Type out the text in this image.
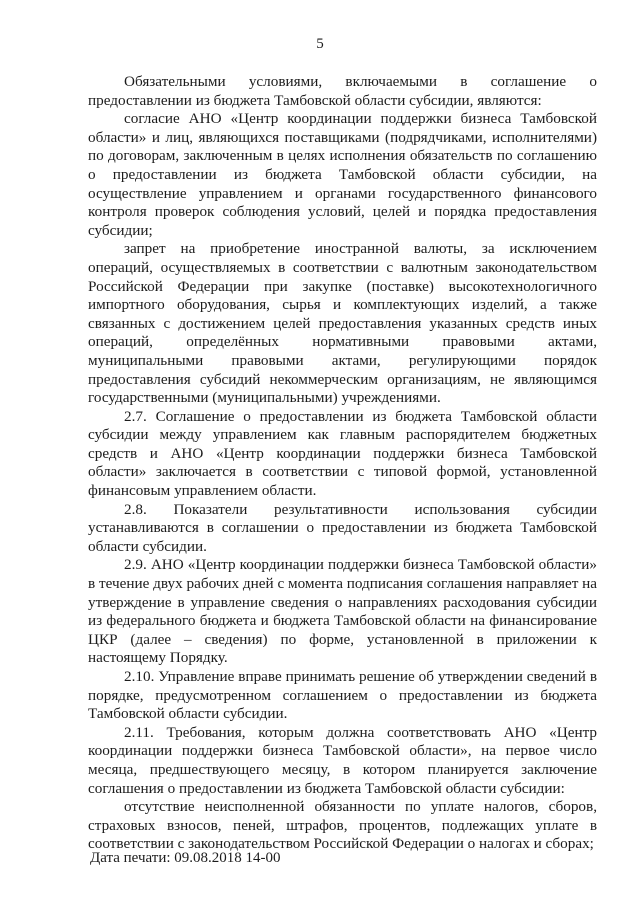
5

Обязательными условиями, включаемыми в соглашение о предоставлении из бюджета Тамбовской области субсидии, являются:

согласие АНО «Центр координации поддержки бизнеса Тамбовской области» и лиц, являющихся поставщиками (подрядчиками, исполнителями) по договорам, заключенным в целях исполнения обязательств по соглашению о предоставлении из бюджета Тамбовской области субсидии, на осуществление управлением и органами государственного финансового контроля проверок соблюдения условий, целей и порядка предоставления субсидии;

запрет на приобретение иностранной валюты, за исключением операций, осуществляемых в соответствии с валютным законодательством Российской Федерации при закупке (поставке) высокотехнологичного импортного оборудования, сырья и комплектующих изделий, а также связанных с достижением целей предоставления указанных средств иных операций, определённых нормативными правовыми актами, муниципальными правовыми актами, регулирующими порядок предоставления субсидий некоммерческим организациям, не являющимся государственными (муниципальными) учреждениями.

2.7. Соглашение о предоставлении из бюджета Тамбовской области субсидии между управлением как главным распорядителем бюджетных средств и АНО «Центр координации поддержки бизнеса Тамбовской области» заключается в соответствии с типовой формой, установленной финансовым управлением области.

2.8. Показатели результативности использования субсидии устанавливаются в соглашении о предоставлении из бюджета Тамбовской области субсидии.

2.9. АНО «Центр координации поддержки бизнеса Тамбовской области» в течение двух рабочих дней с момента подписания соглашения направляет на утверждение в управление сведения о направлениях расходования субсидии из федерального бюджета и бюджета Тамбовской области на финансирование ЦКР (далее – сведения) по форме, установленной в приложении к настоящему Порядку.

2.10. Управление вправе принимать решение об утверждении сведений в порядке, предусмотренном соглашением о предоставлении из бюджета Тамбовской области субсидии.

2.11. Требования, которым должна соответствовать АНО «Центр координации поддержки бизнеса Тамбовской области», на первое число месяца, предшествующего месяцу, в котором планируется заключение соглашения о предоставлении из бюджета Тамбовской области субсидии:

отсутствие неисполненной обязанности по уплате налогов, сборов, страховых взносов, пеней, штрафов, процентов, подлежащих уплате в соответствии с законодательством Российской Федерации о налогах и сборах;

Дата печати: 09.08.2018 14-00
